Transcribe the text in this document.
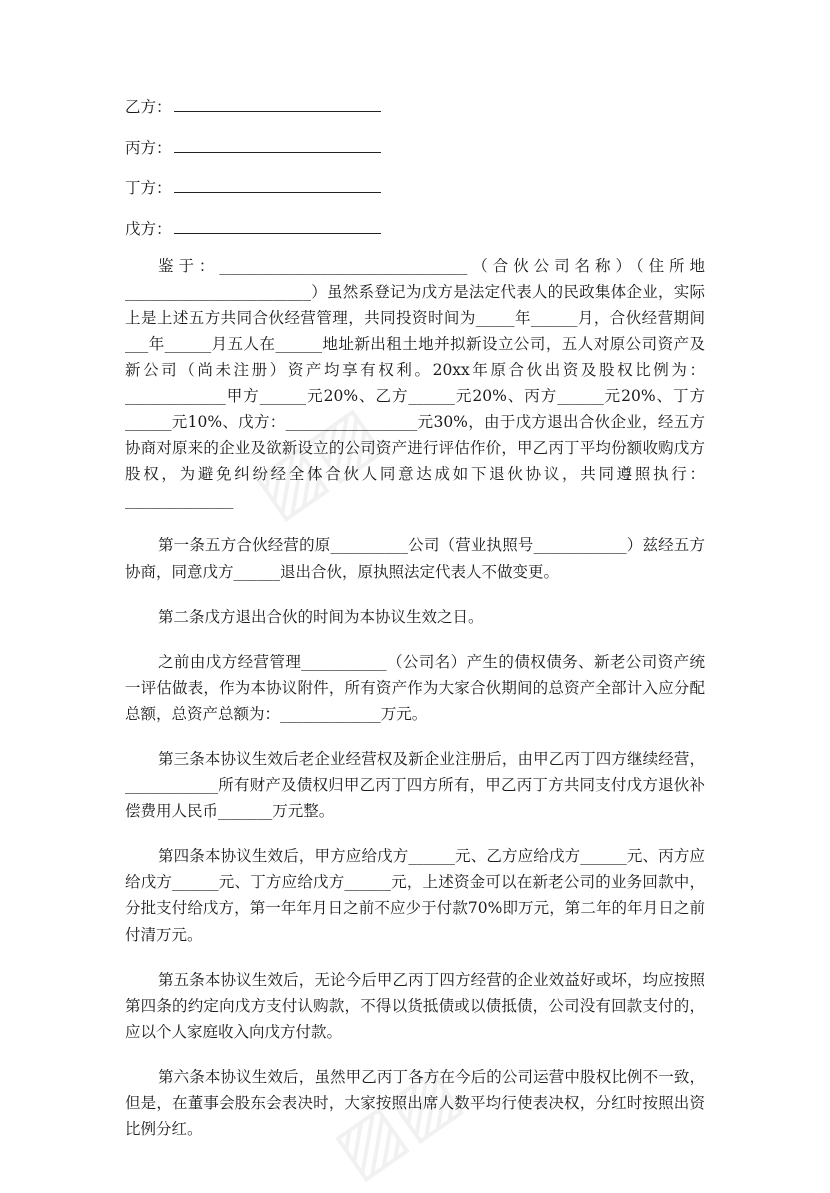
▨▨
▨▨
乙方：
丙方：
丁方：
戊方：

鉴于：________________________________（合伙公司名称）（住所地________________________）虽然系登记为戊方是法定代表人的民政集体企业，实际上是上述五方共同合伙经营管理，共同投资时间为_____年______月，合伙经营期间___年______月五人在______地址新出租土地并拟新设立公司，五人对原公司资产及新公司（尚未注册）资产均享有权利。20xx年原合伙出资及股权比例为：_____________甲方______元20%、乙方______元20%、丙方______元20%、丁方______元10%、戊方：_________________元30%，由于戊方退出合伙企业，经五方协商对原来的企业及欲新设立的公司资产进行评估作价，甲乙丙丁平均份额收购戊方股权，为避免纠纷经全体合伙人同意达成如下退伙协议，共同遵照执行：______________

第一条五方合伙经营的原__________公司（营业执照号____________）兹经五方协商，同意戊方______退出合伙，原执照法定代表人不做变更。

第二条戊方退出合伙的时间为本协议生效之日。

之前由戊方经营管理___________（公司名）产生的债权债务、新老公司资产统一评估做表，作为本协议附件，所有资产作为大家合伙期间的总资产全部计入应分配总额，总资产总额为：_____________万元。

第三条本协议生效后老企业经营权及新企业注册后，由甲乙丙丁四方继续经营，____________所有财产及债权归甲乙丙丁四方所有，甲乙丙丁方共同支付戊方退伙补偿费用人民币_______万元整。

第四条本协议生效后，甲方应给戊方______元、乙方应给戊方______元、丙方应给戊方______元、丁方应给戊方______元，上述资金可以在新老公司的业务回款中，分批支付给戊方，第一年年月日之前不应少于付款70%即万元，第二年的年月日之前付清万元。

第五条本协议生效后，无论今后甲乙丙丁四方经营的企业效益好或坏，均应按照第四条的约定向戊方支付认购款，不得以货抵债或以债抵债，公司没有回款支付的，应以个人家庭收入向戊方付款。

第六条本协议生效后，虽然甲乙丙丁各方在今后的公司运营中股权比例不一致，但是，在董事会股东会表决时，大家按照出席人数平均行使表决权，分红时按照出资比例分红。
